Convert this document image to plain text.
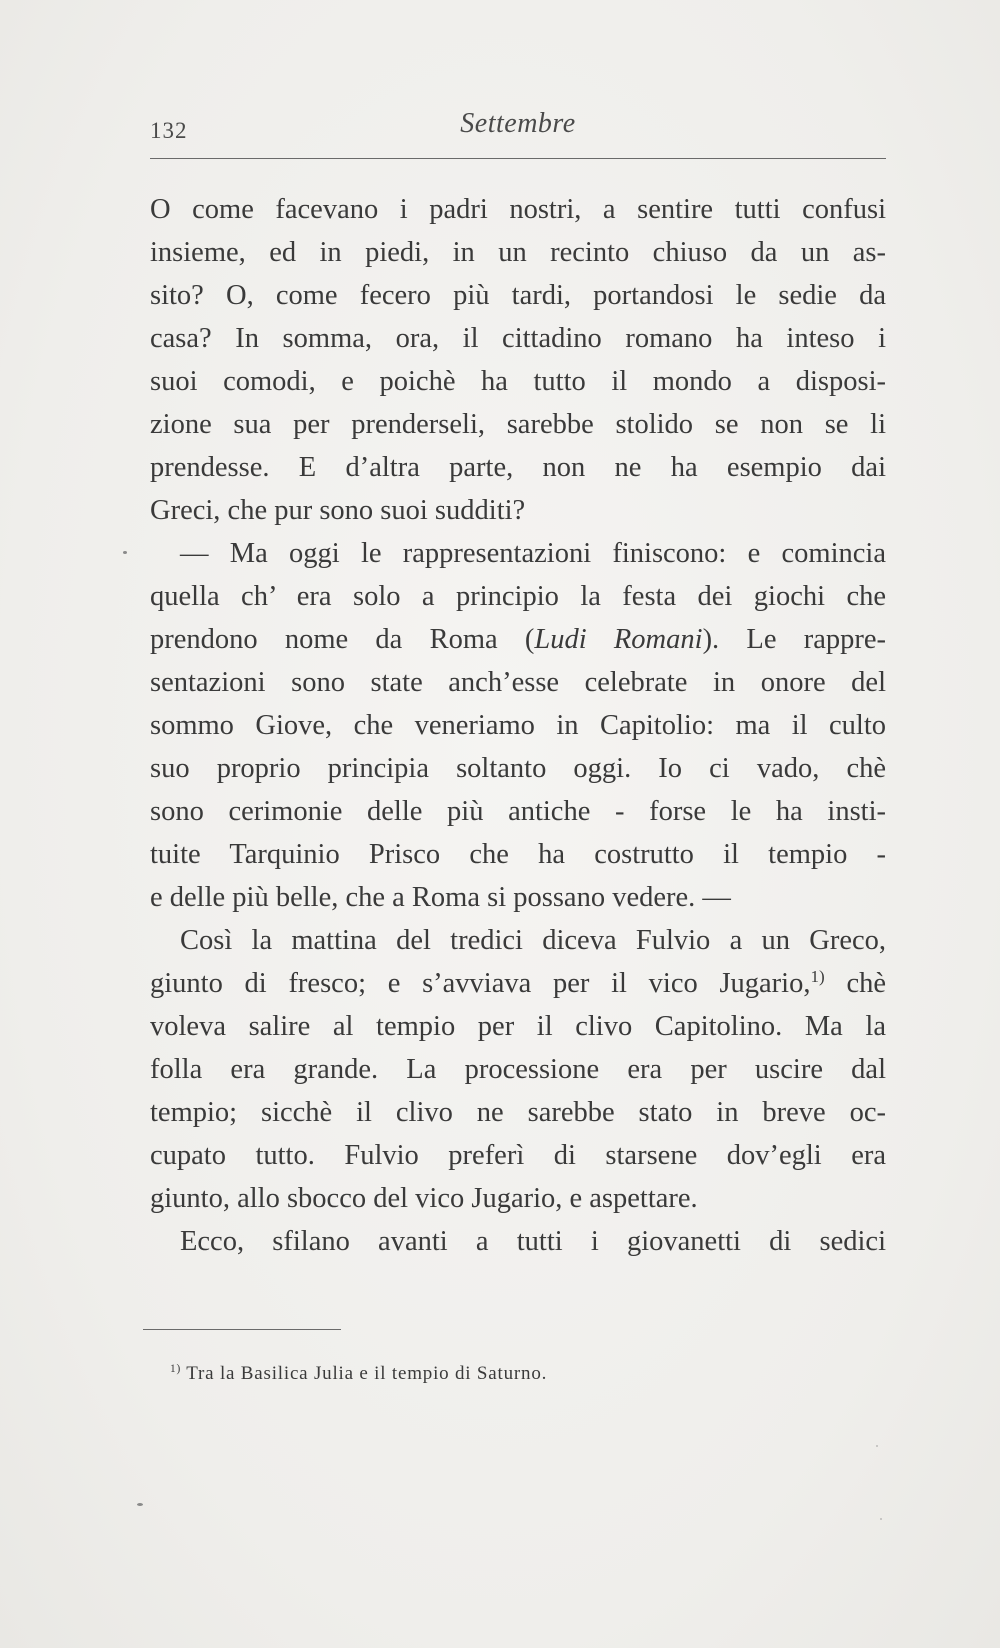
132	Settembre
O come facevano i padri nostri, a sentire tutti confusi
insieme, ed in piedi, in un recinto chiuso da un as-
sito? O, come fecero più tardi, portandosi le sedie da
casa? In somma, ora, il cittadino romano ha inteso i
suoi comodi, e poichè ha tutto il mondo a disposi-
zione sua per prenderseli, sarebbe stolido se non se li
prendesse. E d’altra parte, non ne ha esempio dai
Greci, che pur sono suoi sudditi?
— Ma oggi le rappresentazioni finiscono: e comincia
quella ch’ era solo a principio la festa dei giochi che
prendono nome da Roma (Ludi Romani). Le rappre-
sentazioni sono state anch’esse celebrate in onore del
sommo Giove, che veneriamo in Capitolio: ma il culto
suo proprio principia soltanto oggi. Io ci vado, chè
sono cerimonie delle più antiche - forse le ha insti-
tuite Tarquinio Prisco che ha costrutto il tempio -
e delle più belle, che a Roma si possano vedere. —
Così la mattina del tredici diceva Fulvio a un Greco,
giunto di fresco; e s’avviava per il vico Jugario,$^{1)}$ chè
voleva salire al tempio per il clivo Capitolino. Ma la
folla era grande. La processione era per uscire dal
tempio; sicchè il clivo ne sarebbe stato in breve oc-
cupato tutto. Fulvio preferì di starsene dov’egli era
giunto, allo sbocco del vico Jugario, e aspettare.
Ecco, sfilano avanti a tutti i giovanetti di sedici
$^{1)}$ Tra la Basilica Julia e il tempio di Saturno.
